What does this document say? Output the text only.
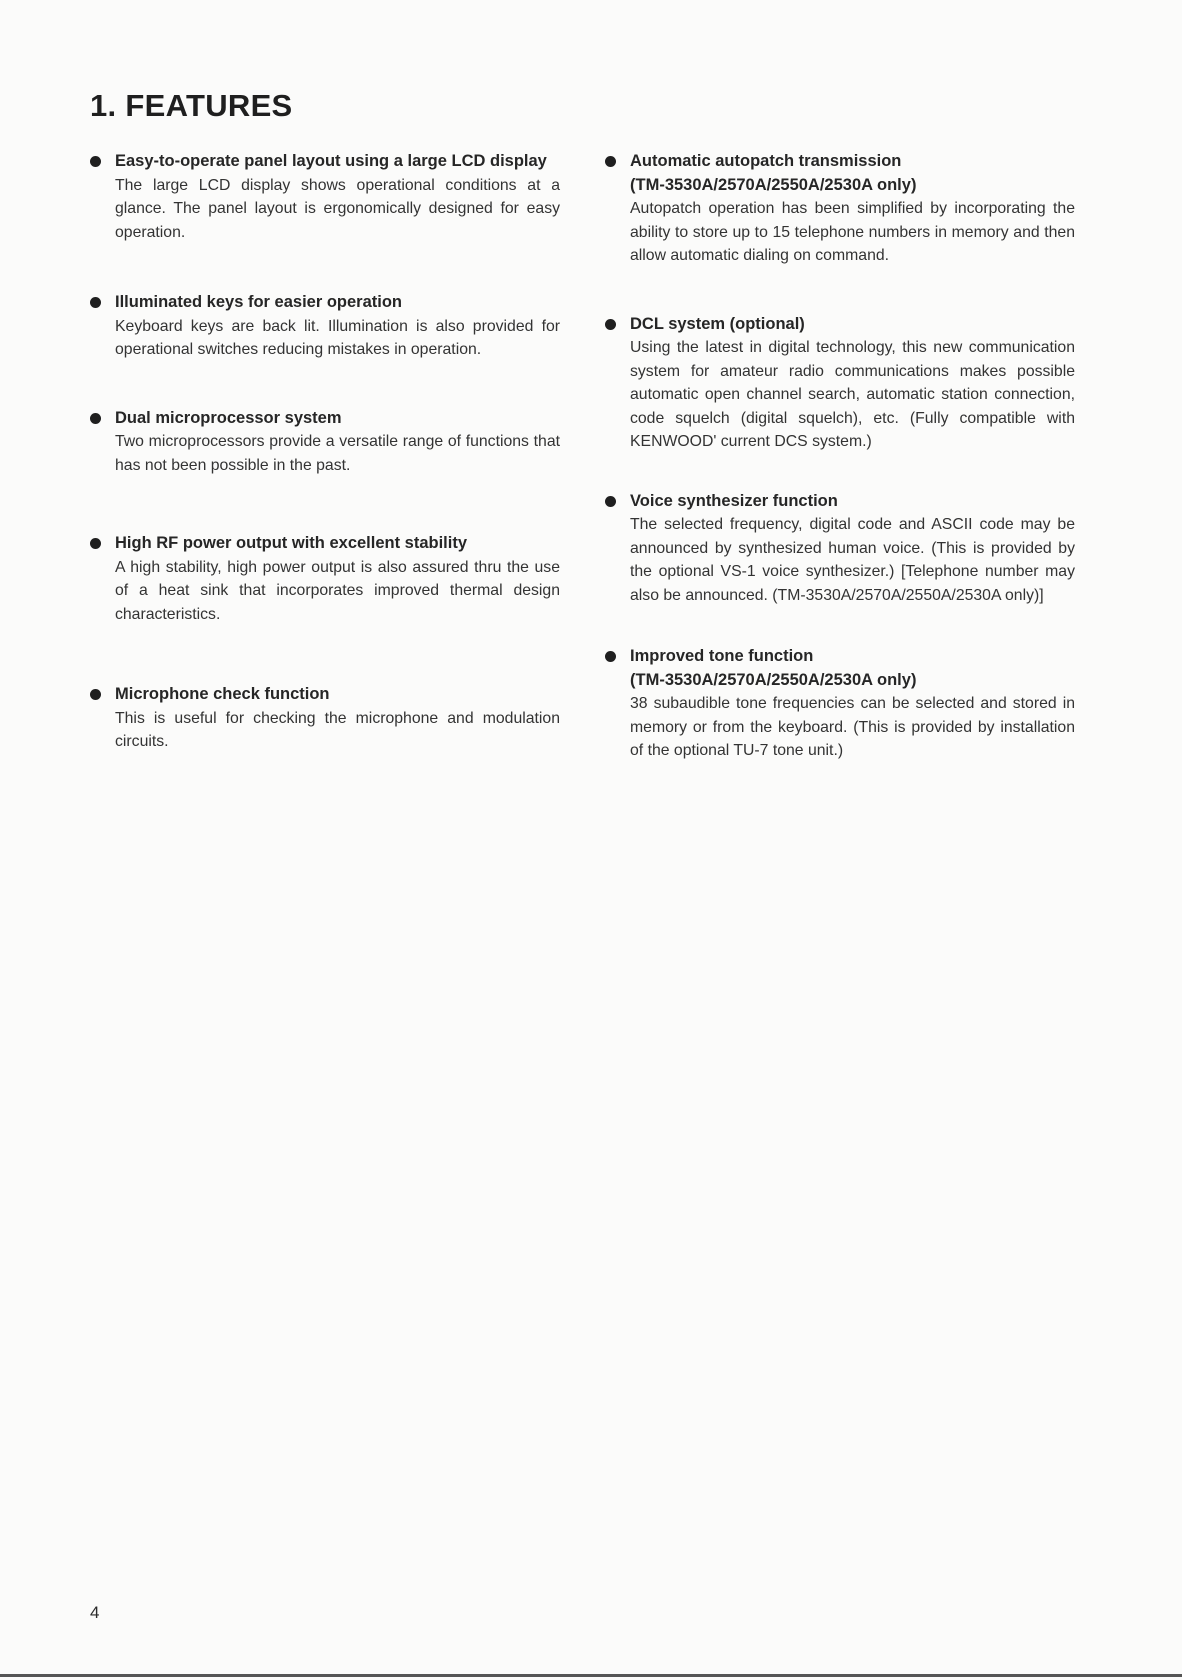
1. FEATURES

Easy-to-operate panel layout using a large LCD display

The large LCD display shows operational conditions at a glance. The panel layout is ergonomically designed for easy operation.

Illuminated keys for easier operation

Keyboard keys are back lit. Illumination is also provided for operational switches reducing mistakes in operation.

Dual microprocessor system

Two microprocessors provide a versatile range of functions that has not been possible in the past.

High RF power output with excellent stability

A high stability, high power output is also assured thru the use of a heat sink that incorporates improved thermal design characteristics.

Microphone check function

This is useful for checking the microphone and modulation circuits.

Automatic autopatch transmission

(TM-3530A/2570A/2550A/2530A only)

Autopatch operation has been simplified by incorporating the ability to store up to 15 telephone numbers in memory and then allow automatic dialing on command.

DCL system (optional)

Using the latest in digital technology, this new communication system for amateur radio communications makes possible automatic open channel search, automatic station connection, code squelch (digital squelch), etc. (Fully compatible with KENWOOD' current DCS system.)

Voice synthesizer function

The selected frequency, digital code and ASCII code may be announced by synthesized human voice. (This is provided by the optional VS-1 voice synthesizer.) [Telephone number may also be announced. (TM-3530A/2570A/2550A/2530A only)]

Improved tone function

(TM-3530A/2570A/2550A/2530A only)

38 subaudible tone frequencies can be selected and stored in memory or from the keyboard. (This is provided by installation of the optional TU-7 tone unit.)

4
